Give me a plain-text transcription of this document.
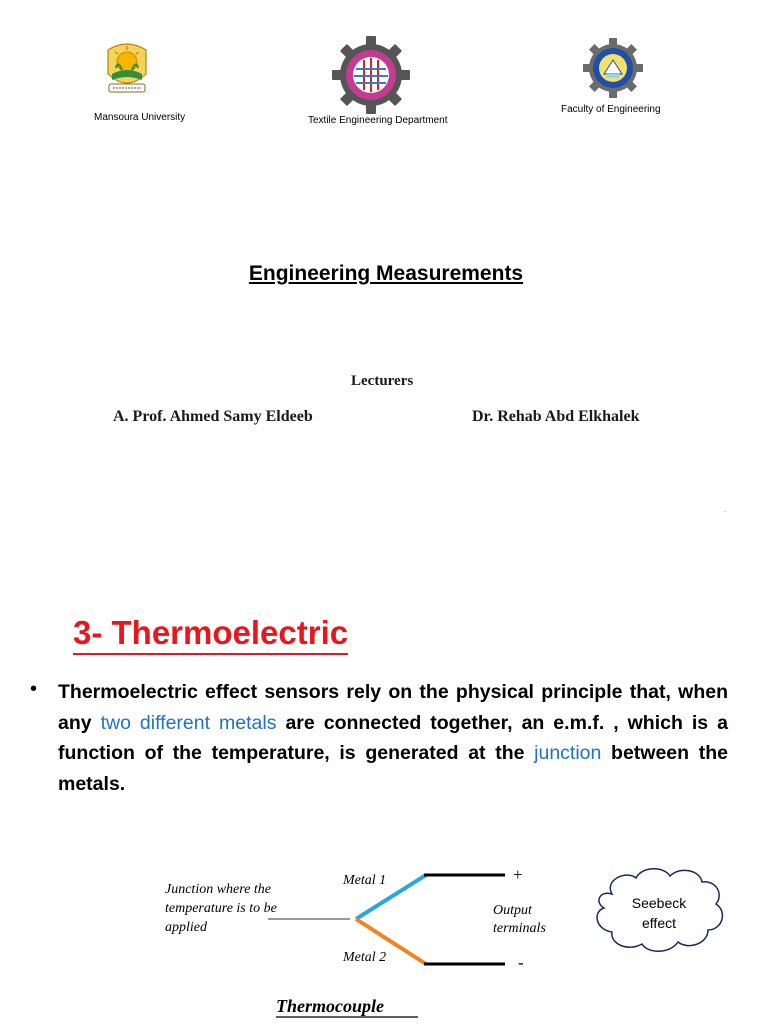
Mansoura University	Textile Engineering Department
Faculty of Engineering
Engineering Measurements
Lecturers
A. Prof. Ahmed Samy Eldeeb	Dr. Rehab Abd Elkhalek
3- Thermoelectric
• Thermoelectric effect sensors rely on the physical principle that, when any two different metals are connected together, an e.m.f. , which is a function of the temperature, is generated at the junction between the metals.
Junction where the
temperature is to be
applied
Metal 1
Metal 2
+
-
Output
terminals
Seebeck
effect
Thermocouple
